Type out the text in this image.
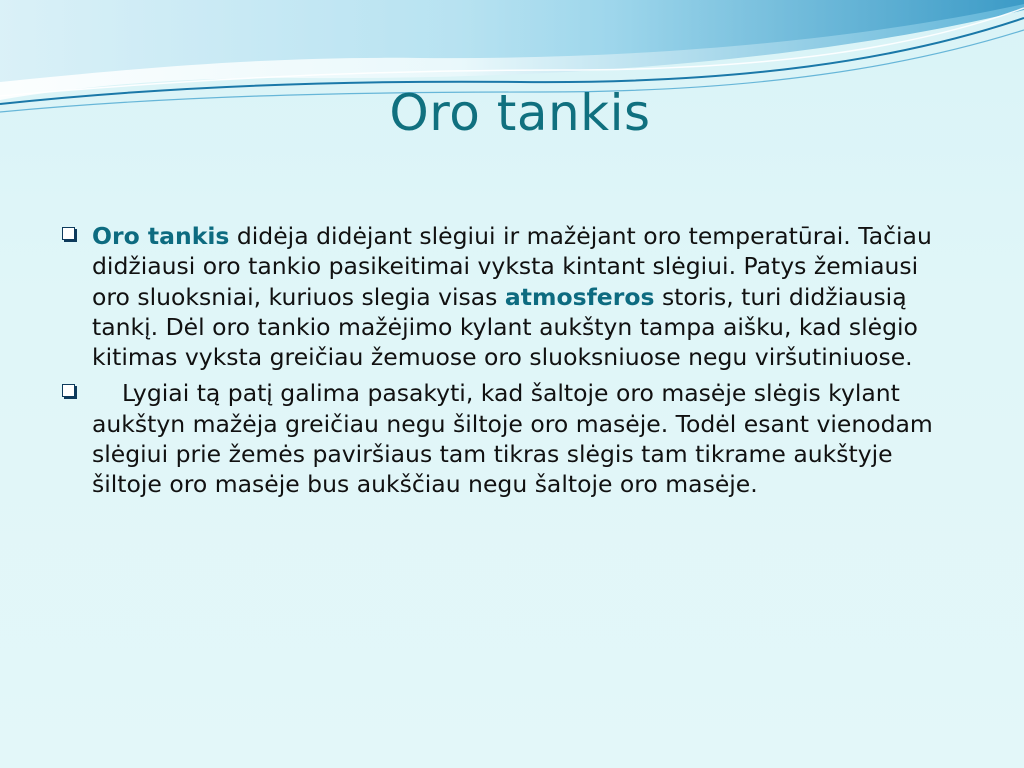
Oro tankis
Oro tankis didėja didėjant slėgiui ir mažėjant oro temperatūrai. Tačiau didžiausi oro tankio pasikeitimai vyksta kintant slėgiui. Patys žemiausi oro sluoksniai, kuriuos slegia visas atmosferos storis, turi didžiausią tankį. Dėl oro tankio mažėjimo kylant aukštyn tampa aišku, kad slėgio kitimas vyksta greičiau žemuose oro sluoksniuose negu viršutiniuose.
Lygiai tą patį galima pasakyti, kad šaltoje oro masėje slėgis kylant aukštyn mažėja greičiau negu šiltoje oro masėje. Todėl esant vienodam slėgiui prie žemės paviršiaus tam tikras slėgis tam tikrame aukštyje šiltoje oro masėje bus aukščiau negu šaltoje oro masėje.
